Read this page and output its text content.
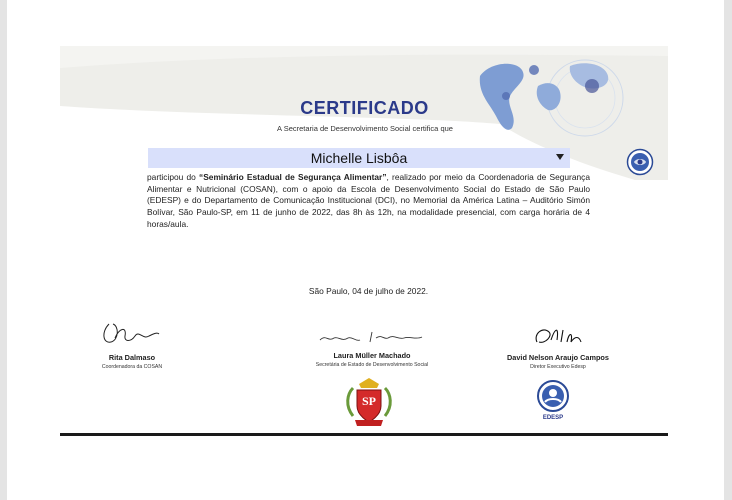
CERTIFICADO
A Secretaria de Desenvolvimento Social certifica que
Michelle Lisbôa
participou do “Seminário Estadual de Segurança Alimentar”, realizado por meio da Coordenadoria de Segurança Alimentar e Nutricional (COSAN), com o apoio da Escola de Desenvolvimento Social do Estado de São Paulo (EDESP) e do Departamento de Comunicação Institucional (DCI), no Memorial da América Latina – Auditório Simón Bolívar, São Paulo-SP, em 11 de junho de 2022, das 8h às 12h, na modalidade presencial, com carga horária de 4 horas/aula.
São Paulo, 04 de julho de 2022.
Rita Dalmaso
Coordenadora da COSAN
Laura Müller Machado
Secretária de Estado de Desenvolvimento Social
David Nelson Araujo Campos
Diretor Executivo Edesp
SP
EDESP
